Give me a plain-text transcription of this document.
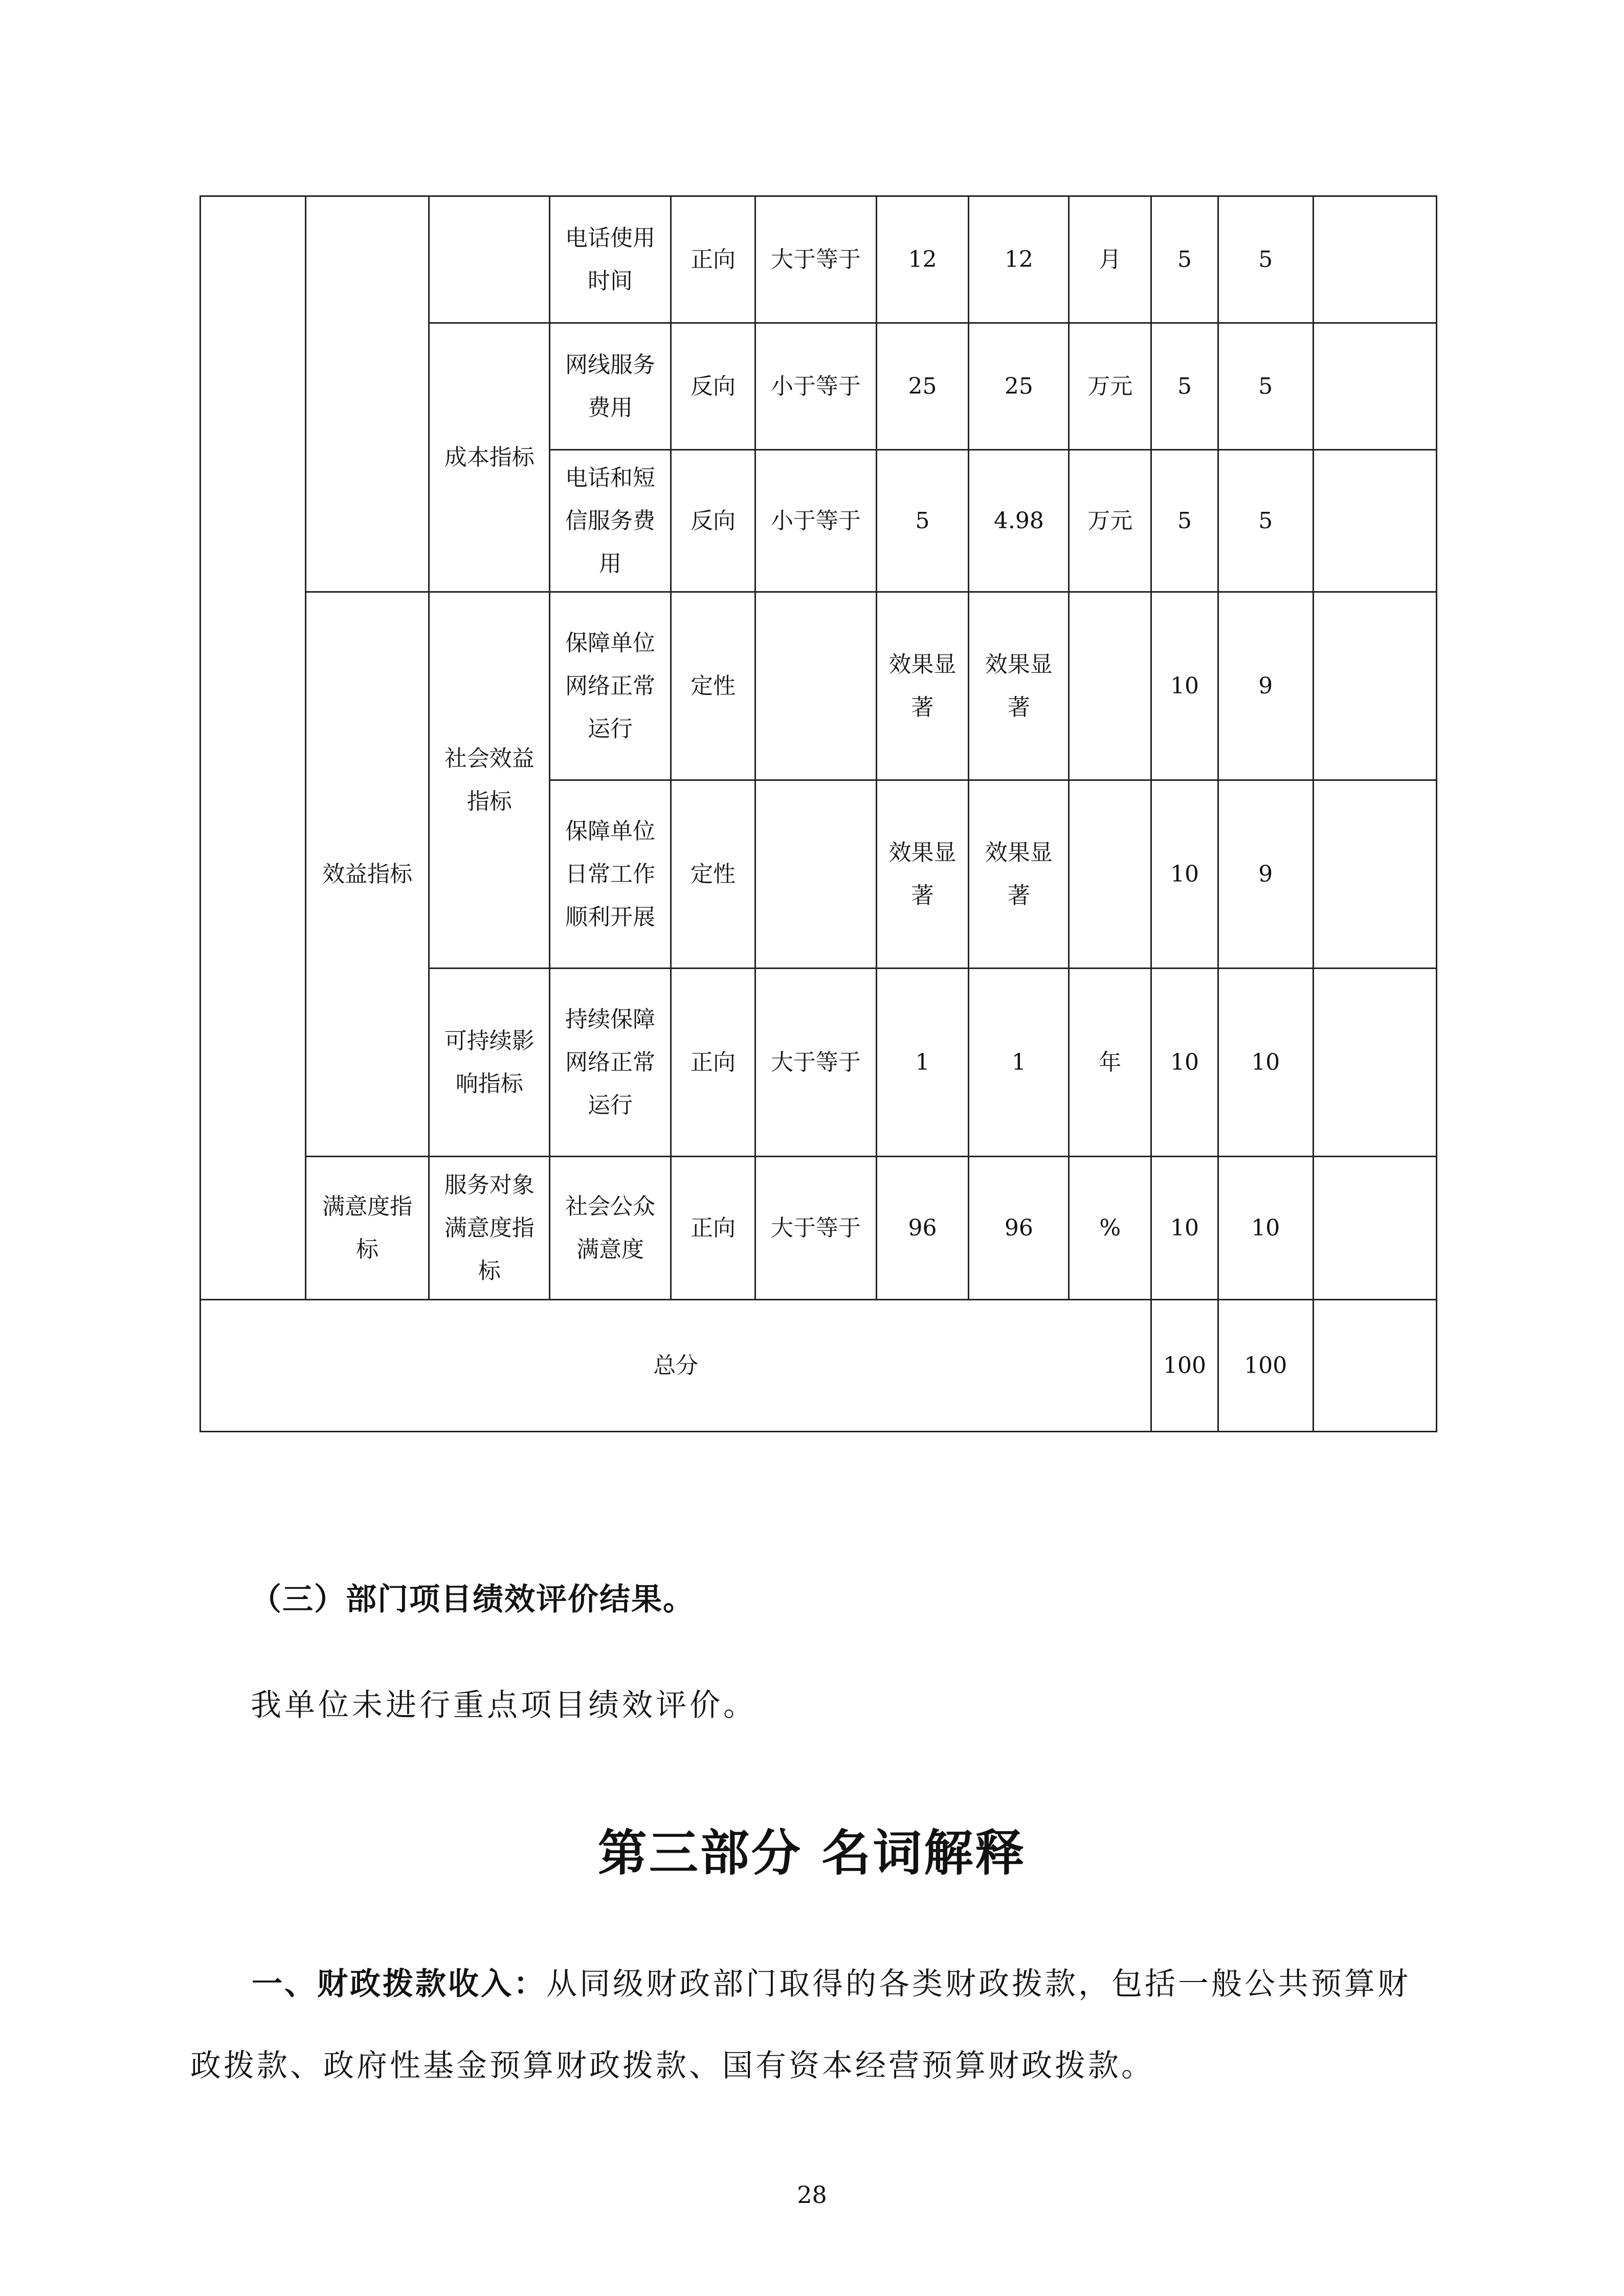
			电话使用时间	正向	大于等于	12	12	月	5	5	
		成本指标	网线服务费用	反向	小于等于	25	25	万元	5	5	
			电话和短信服务费用	反向	小于等于	5	4.98	万元	5	5	
	效益指标	社会效益指标	保障单位网络正常运行	定性		效果显著	效果显著		10	9	
			保障单位日常工作顺利开展	定性		效果显著	效果显著		10	9	
		可持续影响指标	持续保障网络正常运行	正向	大于等于	1	1	年	10	10	
	满意度指标	服务对象满意度指标	社会公众满意度	正向	大于等于	96	96	%	10	10	
总分									100	100	
（三）部门项目绩效评价结果。
我单位未进行重点项目绩效评价。
第三部分 名词解释
一、财政拨款收入：从同级财政部门取得的各类财政拨款，包括一般公共预算财政拨款、政府性基金预算财政拨款、国有资本经营预算财政拨款。
28
